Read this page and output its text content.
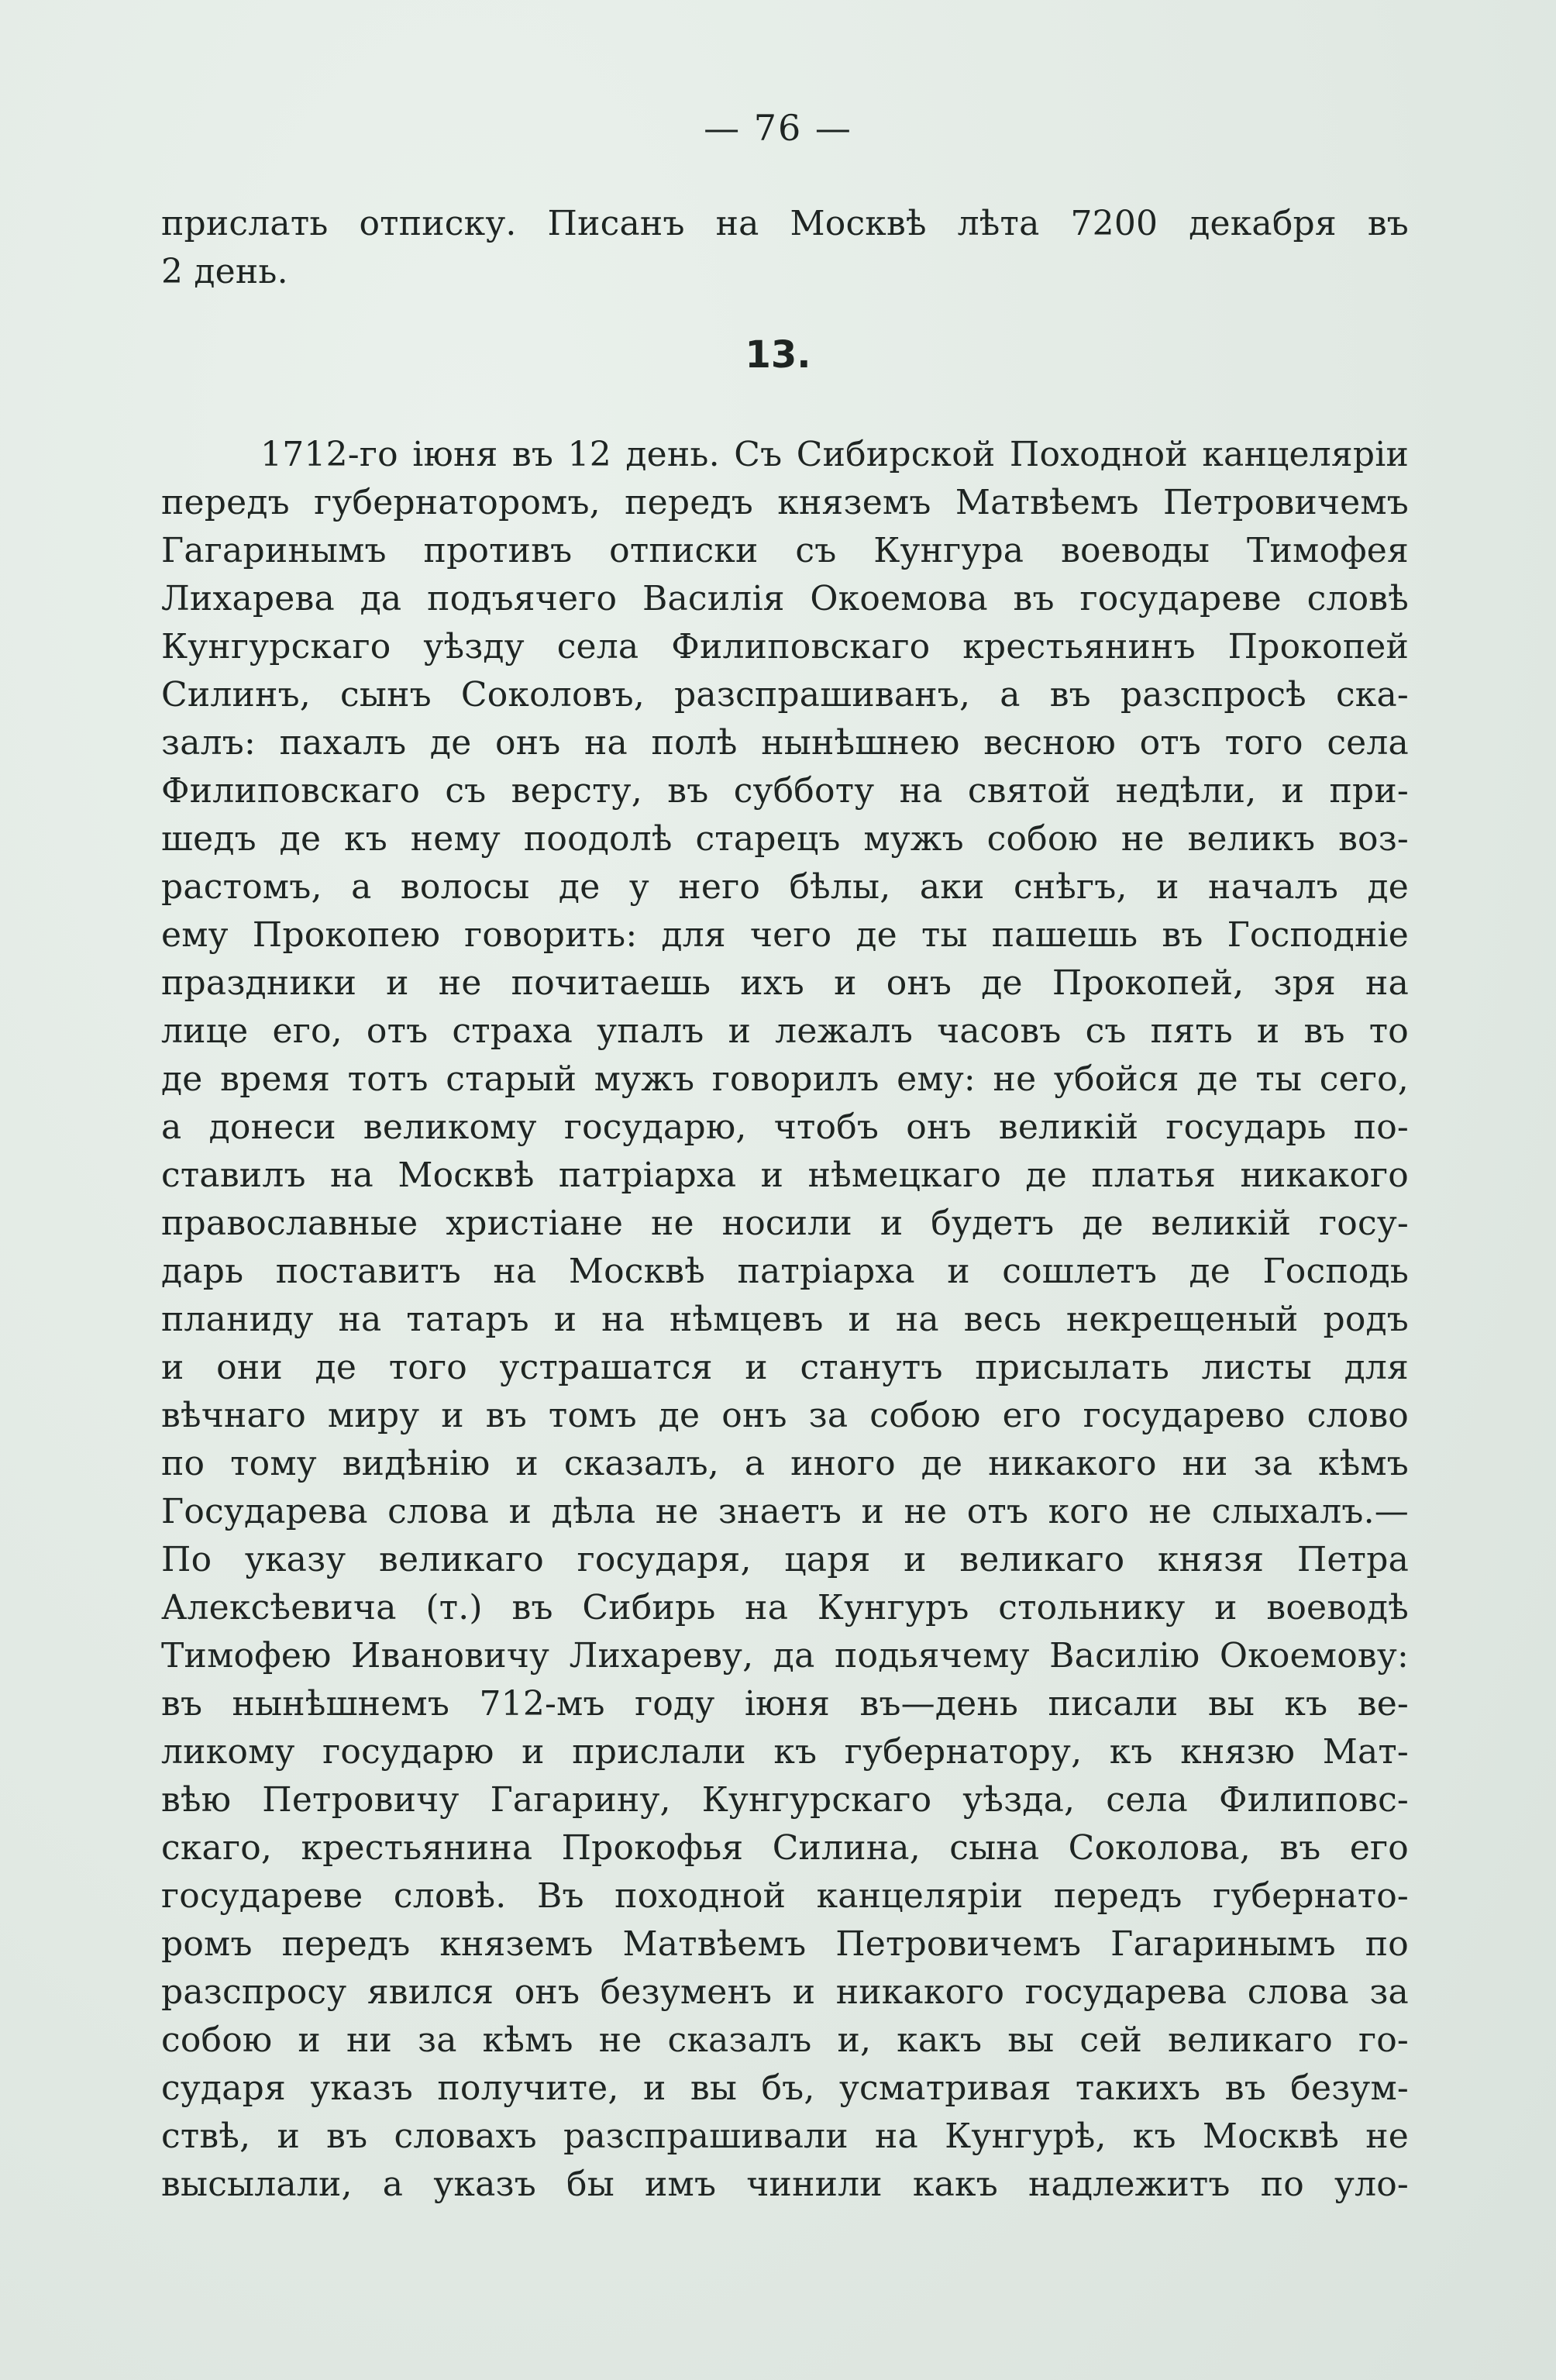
— 76 —
прислать отписку. Писанъ на Москвѣ лѣта 7200 декабря въ
2 день.
13.
1712-го іюня въ 12 день. Съ Сибирской Походной канцеляріи
передъ губернаторомъ, передъ княземъ Матвѣемъ Петровичемъ
Гагаринымъ противъ отписки съ Кунгура воеводы Тимофея
Лихарева да подъячего Василія Окоемова въ государеве словѣ
Кунгурскаго уѣзду села Филиповскаго крестьянинъ Прокопей
Силинъ, сынъ Соколовъ, разспрашиванъ, а въ разспросѣ ска-
залъ: пахалъ де онъ на полѣ нынѣшнею весною отъ того села
Филиповскаго съ версту, въ субботу на святой недѣли, и при-
шедъ де къ нему поодолѣ старецъ мужъ собою не великъ воз-
растомъ, а волосы де у него бѣлы, аки снѣгъ, и началъ де
ему Прокопею говорить: для чего де ты пашешь въ Господніе
праздники и не почитаешь ихъ и онъ де Прокопей, зря на
лице его, отъ страха упалъ и лежалъ часовъ съ пять и въ то
де время тотъ старый мужъ говорилъ ему: не убойся де ты сего,
а донеси великому государю, чтобъ онъ великій государь по-
ставилъ на Москвѣ патріарха и нѣмецкаго де платья никакого
православные христіане не носили и будетъ де великій госу-
дарь поставитъ на Москвѣ патріарха и сошлетъ де Господь
планиду на татаръ и на нѣмцевъ и на весь некрещеный родъ
и они де того устрашатся и станутъ присылать листы для
вѣчнаго миру и въ томъ де онъ за собою его государево слово
по тому видѣнію и сказалъ, а иного де никакого ни за кѣмъ
Государева слова и дѣла не знаетъ и не отъ кого не слыхалъ.—
По указу великаго государя, царя и великаго князя Петра
Алексѣевича (т.) въ Сибирь на Кунгуръ стольнику и воеводѣ
Тимофею Ивановичу Лихареву, да подьячему Василію Окоемову:
въ нынѣшнемъ 712-мъ году іюня въ—день писали вы къ ве-
ликому государю и прислали къ губернатору, къ князю Мат-
вѣю Петровичу Гагарину, Кунгурскаго уѣзда, села Филиповс-
скаго, крестьянина Прокофья Силина, сына Соколова, въ его
государеве словѣ. Въ походной канцеляріи передъ губернато-
ромъ передъ княземъ Матвѣемъ Петровичемъ Гагаринымъ по
разспросу явился онъ безуменъ и никакого государева слова за
собою и ни за кѣмъ не сказалъ и, какъ вы сей великаго го-
сударя указъ получите, и вы бъ, усматривая такихъ въ безум-
ствѣ, и въ словахъ разспрашивали на Кунгурѣ, къ Москвѣ не
высылали, а указъ бы имъ чинили какъ надлежитъ по уло-
